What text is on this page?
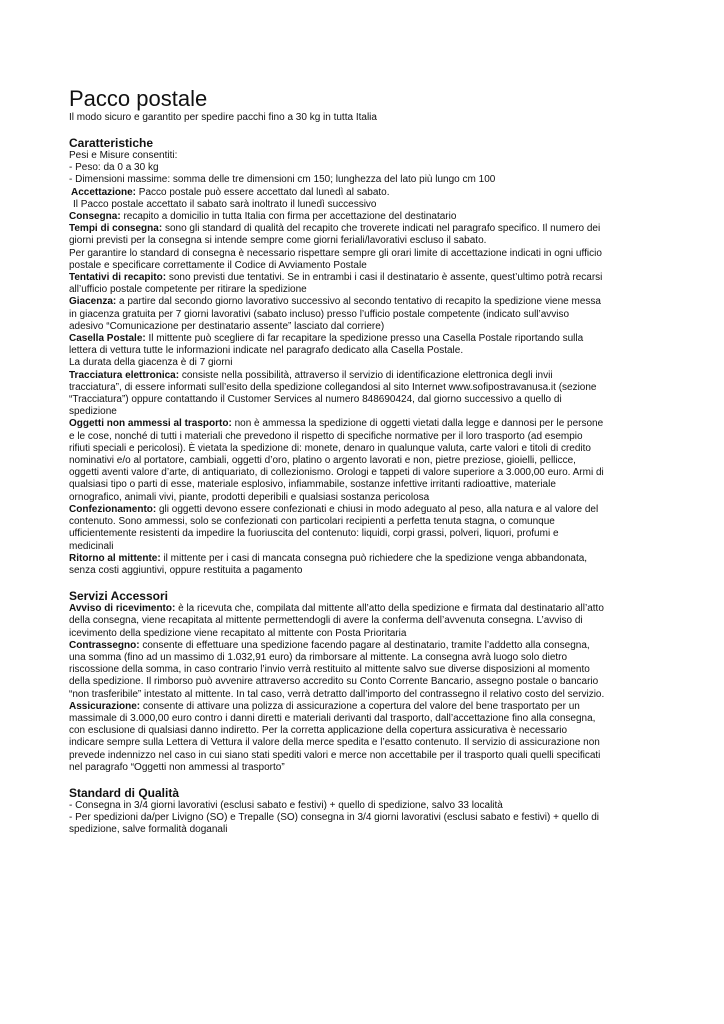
Pacco postale

Il modo sicuro e garantito per spedire pacchi fino a 30 kg in tutta Italia

Caratteristiche

Pesi e Misure consentiti:

- Peso: da 0 a 30 kg

- Dimensioni massime: somma delle tre dimensioni cm 150; lunghezza del lato più lungo cm 100

Accettazione: Pacco postale può essere accettato dal lunedì al sabato.

Il Pacco postale accettato il sabato sarà inoltrato il lunedì successivo

Consegna: recapito a domicilio in tutta Italia con firma per accettazione del destinatario

Tempi di consegna: sono gli standard di qualità del recapito che troverete indicati nel paragrafo specifico. Il numero dei

giorni previsti per la consegna si intende sempre come giorni feriali/lavorativi escluso il sabato.

Per garantire lo standard di consegna è necessario rispettare sempre gli orari limite di accettazione indicati in ogni ufficio

postale e specificare correttamente il Codice di Avviamento Postale

Tentativi di recapito: sono previsti due tentativi. Se in entrambi i casi il destinatario è assente, quest’ultimo potrà recarsi

all’ufficio postale competente per ritirare la spedizione

Giacenza: a partire dal secondo giorno lavorativo successivo al secondo tentativo di recapito la spedizione viene messa

in giacenza gratuita per 7 giorni lavorativi (sabato incluso) presso l’ufficio postale competente (indicato sull’avviso

adesivo “Comunicazione per destinatario assente” lasciato dal corriere)

Casella Postale: Il mittente può scegliere di far recapitare la spedizione presso una Casella Postale riportando sulla

lettera di vettura tutte le informazioni indicate nel paragrafo dedicato alla Casella Postale.

La durata della giacenza è di 7 giorni

Tracciatura elettronica: consiste nella possibilità, attraverso il servizio di identificazione elettronica degli invii

tracciatura”, di essere informati sull’esito della spedizione collegandosi al sito Internet www.sofipostravanusa.it (sezione

“Tracciatura”) oppure contattando il Customer Services al numero 848690424, dal giorno successivo a quello di

spedizione

Oggetti non ammessi al trasporto: non è ammessa la spedizione di oggetti vietati dalla legge e dannosi per le persone

e le cose, nonché di tutti i materiali che prevedono il rispetto di specifiche normative per il loro trasporto (ad esempio

rifiuti speciali e pericolosi). È vietata la spedizione di: monete, denaro in qualunque valuta, carte valori e titoli di credito

nominativi e/o al portatore, cambiali, oggetti d’oro, platino o argento lavorati e non, pietre preziose, gioielli, pellicce,

oggetti aventi valore d’arte, di antiquariato, di collezionismo. Orologi e tappeti di valore superiore a 3.000,00 euro. Armi di

qualsiasi tipo o parti di esse, materiale esplosivo, infiammabile, sostanze infettive irritanti radioattive, materiale

ornografico, animali vivi, piante, prodotti deperibili e qualsiasi sostanza pericolosa

Confezionamento: gli oggetti devono essere confezionati e chiusi in modo adeguato al peso, alla natura e al valore del

contenuto. Sono ammessi, solo se confezionati con particolari recipienti a perfetta tenuta stagna, o comunque

ufficientemente resistenti da impedire la fuoriuscita del contenuto: liquidi, corpi grassi, polveri, liquori, profumi e

medicinali

Ritorno al mittente: il mittente per i casi di mancata consegna può richiedere che la spedizione venga abbandonata,

senza costi aggiuntivi, oppure restituita a pagamento

Servizi Accessori

Avviso di ricevimento: è la ricevuta che, compilata dal mittente all’atto della spedizione e firmata dal destinatario all’atto

della consegna, viene recapitata al mittente permettendogli di avere la conferma dell’avvenuta consegna. L’avviso di

icevimento della spedizione viene recapitato al mittente con Posta Prioritaria

Contrassegno: consente di effettuare una spedizione facendo pagare al destinatario, tramite l’addetto alla consegna,

una somma (fino ad un massimo di 1.032,91 euro) da rimborsare al mittente. La consegna avrà luogo solo dietro

riscossione della somma, in caso contrario l’invio verrà restituito al mittente salvo sue diverse disposizioni al momento

della spedizione. Il rimborso può avvenire attraverso accredito su Conto Corrente Bancario, assegno postale o bancario

“non trasferibile” intestato al mittente. In tal caso, verrà detratto dall’importo del contrassegno il relativo costo del servizio.

Assicurazione: consente di attivare una polizza di assicurazione a copertura del valore del bene trasportato per un

massimale di 3.000,00 euro contro i danni diretti e materiali derivanti dal trasporto, dall’accettazione fino alla consegna,

con esclusione di qualsiasi danno indiretto. Per la corretta applicazione della copertura assicurativa è necessario

indicare sempre sulla Lettera di Vettura il valore della merce spedita e l’esatto contenuto. Il servizio di assicurazione non

prevede indennizzo nel caso in cui siano stati spediti valori e merce non accettabile per il trasporto quali quelli specificati

nel paragrafo “Oggetti non ammessi al trasporto”

Standard di Qualità

- Consegna in 3/4 giorni lavorativi (esclusi sabato e festivi) + quello di spedizione, salvo 33 località

- Per spedizioni da/per Livigno (SO) e Trepalle (SO) consegna in 3/4 giorni lavorativi (esclusi sabato e festivi) + quello di

spedizione, salve formalità doganali
